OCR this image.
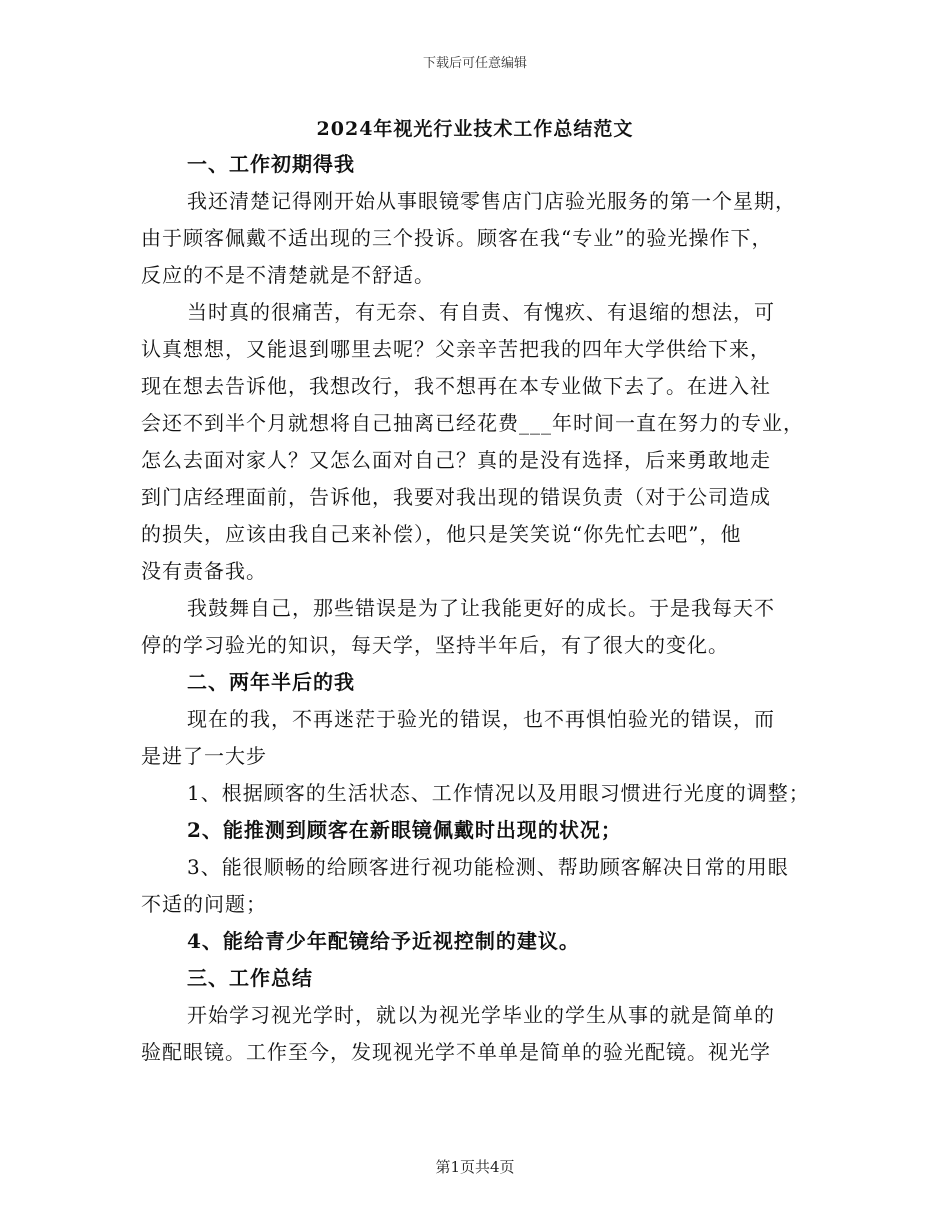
下载后可任意编辑
2024年视光行业技术工作总结范文
一、工作初期得我
我还清楚记得刚开始从事眼镜零售店门店验光服务的第一个星期，
由于顾客佩戴不适出现的三个投诉。顾客在我“专业”的验光操作下，
反应的不是不清楚就是不舒适。
当时真的很痛苦，有无奈、有自责、有愧疚、有退缩的想法，可
认真想想，又能退到哪里去呢？父亲辛苦把我的四年大学供给下来，
现在想去告诉他，我想改行，我不想再在本专业做下去了。在进入社
会还不到半个月就想将自己抽离已经花费___年时间一直在努力的专业，
怎么去面对家人？又怎么面对自己？真的是没有选择，后来勇敢地走
到门店经理面前，告诉他，我要对我出现的错误负责（对于公司造成
的损失，应该由我自己来补偿），他只是笑笑说“你先忙去吧”，他
没有责备我。
我鼓舞自己，那些错误是为了让我能更好的成长。于是我每天不
停的学习验光的知识，每天学，坚持半年后，有了很大的变化。
二、两年半后的我
现在的我，不再迷茫于验光的错误，也不再惧怕验光的错误，而
是进了一大步
1、根据顾客的生活状态、工作情况以及用眼习惯进行光度的调整；
2、能推测到顾客在新眼镜佩戴时出现的状况；
3、能很顺畅的给顾客进行视功能检测、帮助顾客解决日常的用眼
不适的问题；
4、能给青少年配镜给予近视控制的建议。
三、工作总结
开始学习视光学时，就以为视光学毕业的学生从事的就是简单的
验配眼镜。工作至今，发现视光学不单单是简单的验光配镜。视光学
第1页共4页
